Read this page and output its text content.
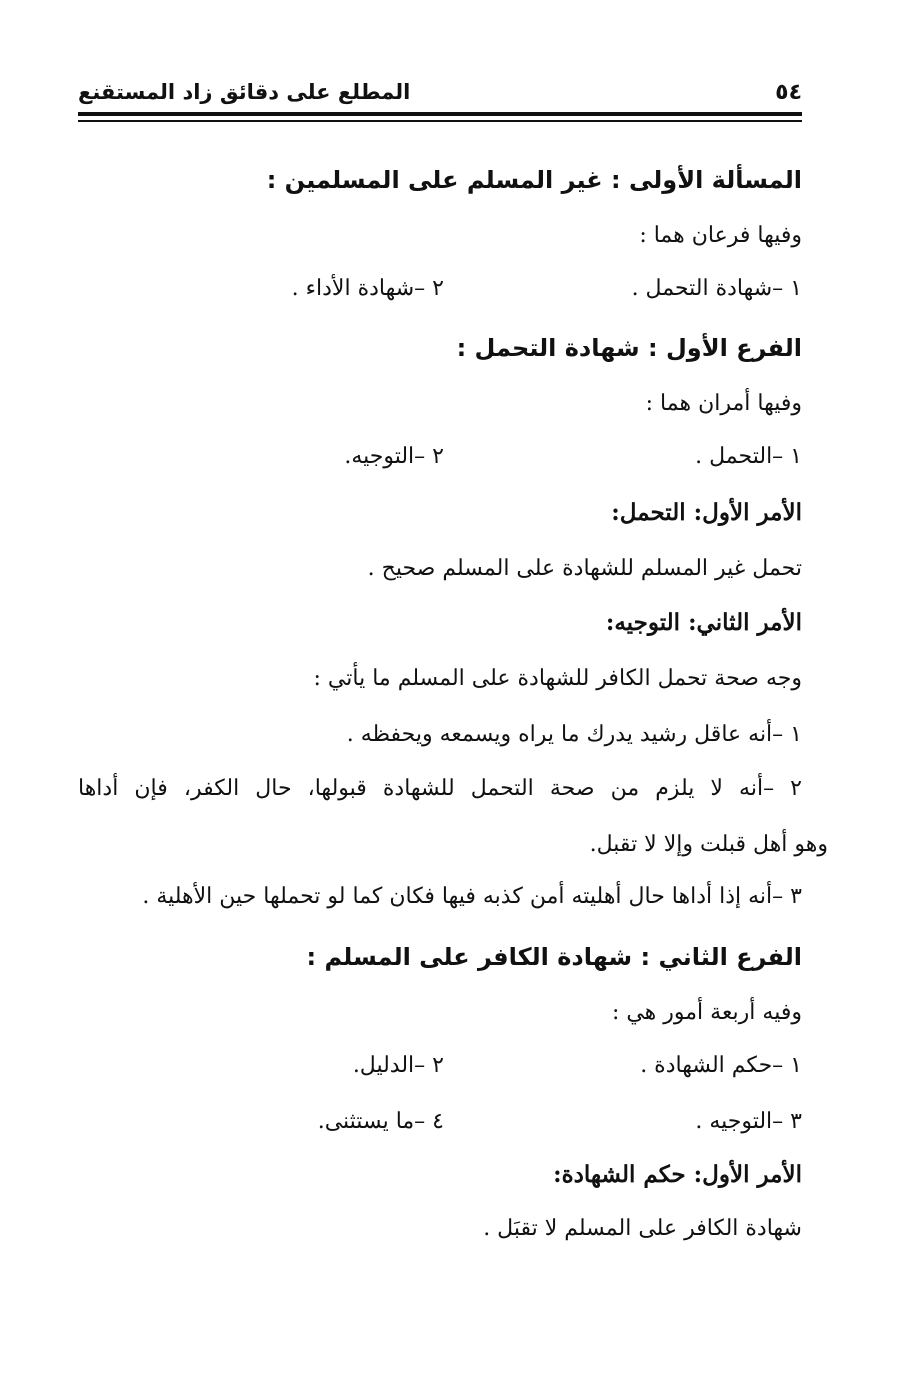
٥٤
المطلع على دقائق زاد المستقنع
المسألة الأولى : غير المسلم على المسلمين :
وفيها فرعان هما :
١ –شهادة التحمل .
٢ –شهادة الأداء .
الفرع الأول : شهادة التحمل :
وفيها أمران هما :
١ –التحمل .
٢ –التوجيه.
الأمر الأول: التحمل:
تحمل غير المسلم للشهادة على المسلم صحيح .
الأمر الثاني: التوجيه:
وجه صحة تحمل الكافر للشهادة على المسلم ما يأتي :
١ –أنه عاقل رشيد يدرك ما يراه ويسمعه ويحفظه .
٢ –أنه لا يلزم من صحة التحمل للشهادة قبولها، حال الكفر، فإن أداها
وهو أهل قبلت وإلا لا تقبل.
٣ –أنه إذا أداها حال أهليته أمن كذبه فيها فكان كما لو تحملها حين الأهلية .
الفرع الثاني : شهادة الكافر على المسلم :
وفيه أربعة أمور هي :
١ –حكم الشهادة .
٢ –الدليل.
٣ –التوجيه .
٤ –ما يستثنى.
الأمر الأول: حكم الشهادة:
شهادة الكافر على المسلم لا تقبَل .
